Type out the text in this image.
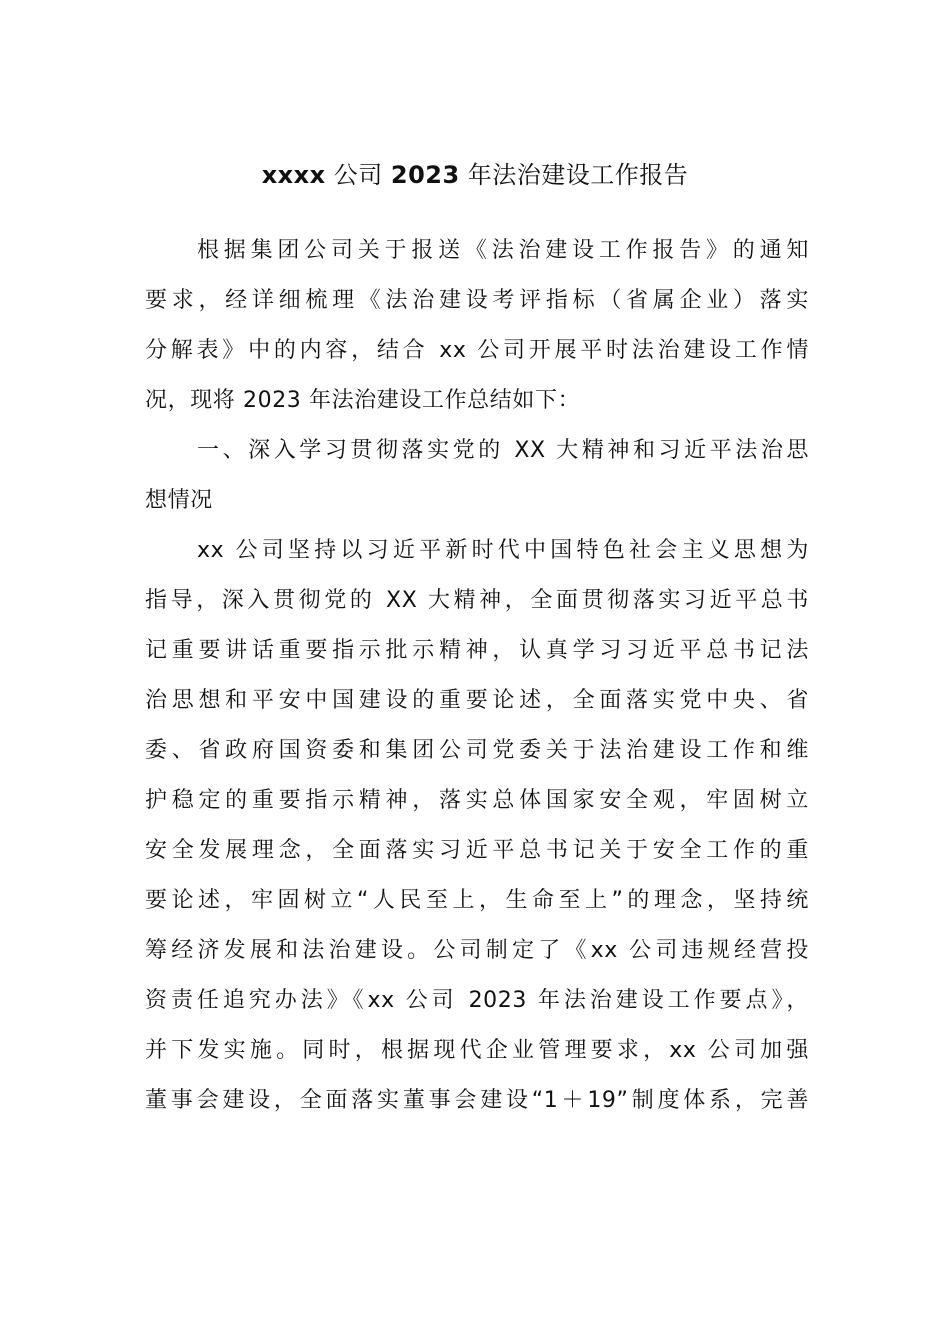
xxxx 公司 2023 年法治建设工作报告
根据集团公司关于报送《法治建设工作报告》的通知
要求，经详细梳理《法治建设考评指标（省属企业）落实
分解表》中的内容，结合 xx 公司开展平时法治建设工作情
况，现将 2023 年法治建设工作总结如下：
一、深入学习贯彻落实党的 XX 大精神和习近平法治思
想情况
xx 公司坚持以习近平新时代中国特色社会主义思想为
指导，深入贯彻党的 XX 大精神，全面贯彻落实习近平总书
记重要讲话重要指示批示精神，认真学习习近平总书记法
治思想和平安中国建设的重要论述，全面落实党中央、省
委、省政府国资委和集团公司党委关于法治建设工作和维
护稳定的重要指示精神，落实总体国家安全观，牢固树立
安全发展理念，全面落实习近平总书记关于安全工作的重
要论述，牢固树立“人民至上，生命至上”的理念，坚持统
筹经济发展和法治建设。公司制定了《xx 公司违规经营投
资责任追究办法》《xx 公司 2023 年法治建设工作要点》，
并下发实施。同时，根据现代企业管理要求，xx 公司加强
董事会建设，全面落实董事会建设“1＋19”制度体系，完善
